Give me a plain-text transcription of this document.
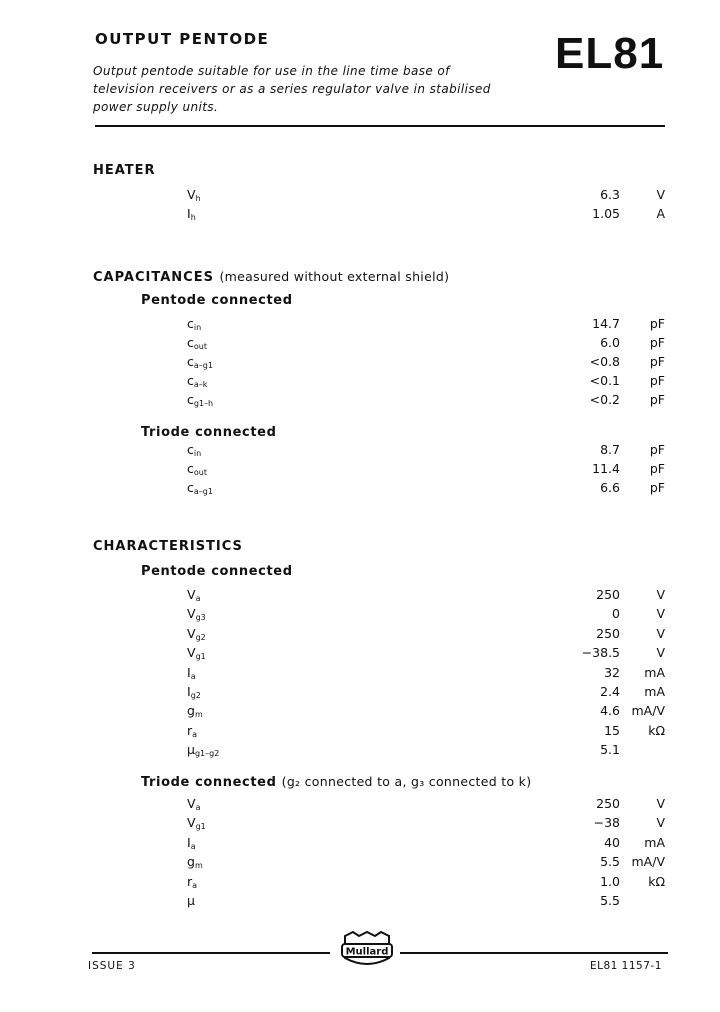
OUTPUT PENTODE	EL81
Output pentode suitable for use in the line time base of television receivers or as a series regulator valve in stabilised power supply units.
HEATER
$V_h$	6.3	V
$I_h$	1.05	A
CAPACITANCES (measured without external shield)
Pentode connected
$c_{in}$	14.7	pF
$c_{out}$	6.0	pF
$c_{a-g1}$	<0.8	pF
$c_{a-k}$	<0.1	pF
$c_{g1-h}$	<0.2	pF
Triode connected
$c_{in}$	8.7	pF
$c_{out}$	11.4	pF
$c_{a-g1}$	6.6	pF
CHARACTERISTICS
Pentode connected
$V_a$	250	V
$V_{g3}$	0	V
$V_{g2}$	250	V
$V_{g1}$	−38.5	V
$I_a$	32	mA
$I_{g2}$	2.4	mA
$g_m$	4.6 mA/V
$r_a$	15	kΩ
$\mu_{g1-g2}$	5.1
Triode connected (g₂ connected to a, g₃ connected to k)
$V_a$	250	V
$V_{g1}$	−38	V
$I_a$	40	mA
$g_m$	5.5 mA/V
$r_a$	1.0	kΩ
μ	5.5
Mullard
ISSUE 3	EL81 1157-1
